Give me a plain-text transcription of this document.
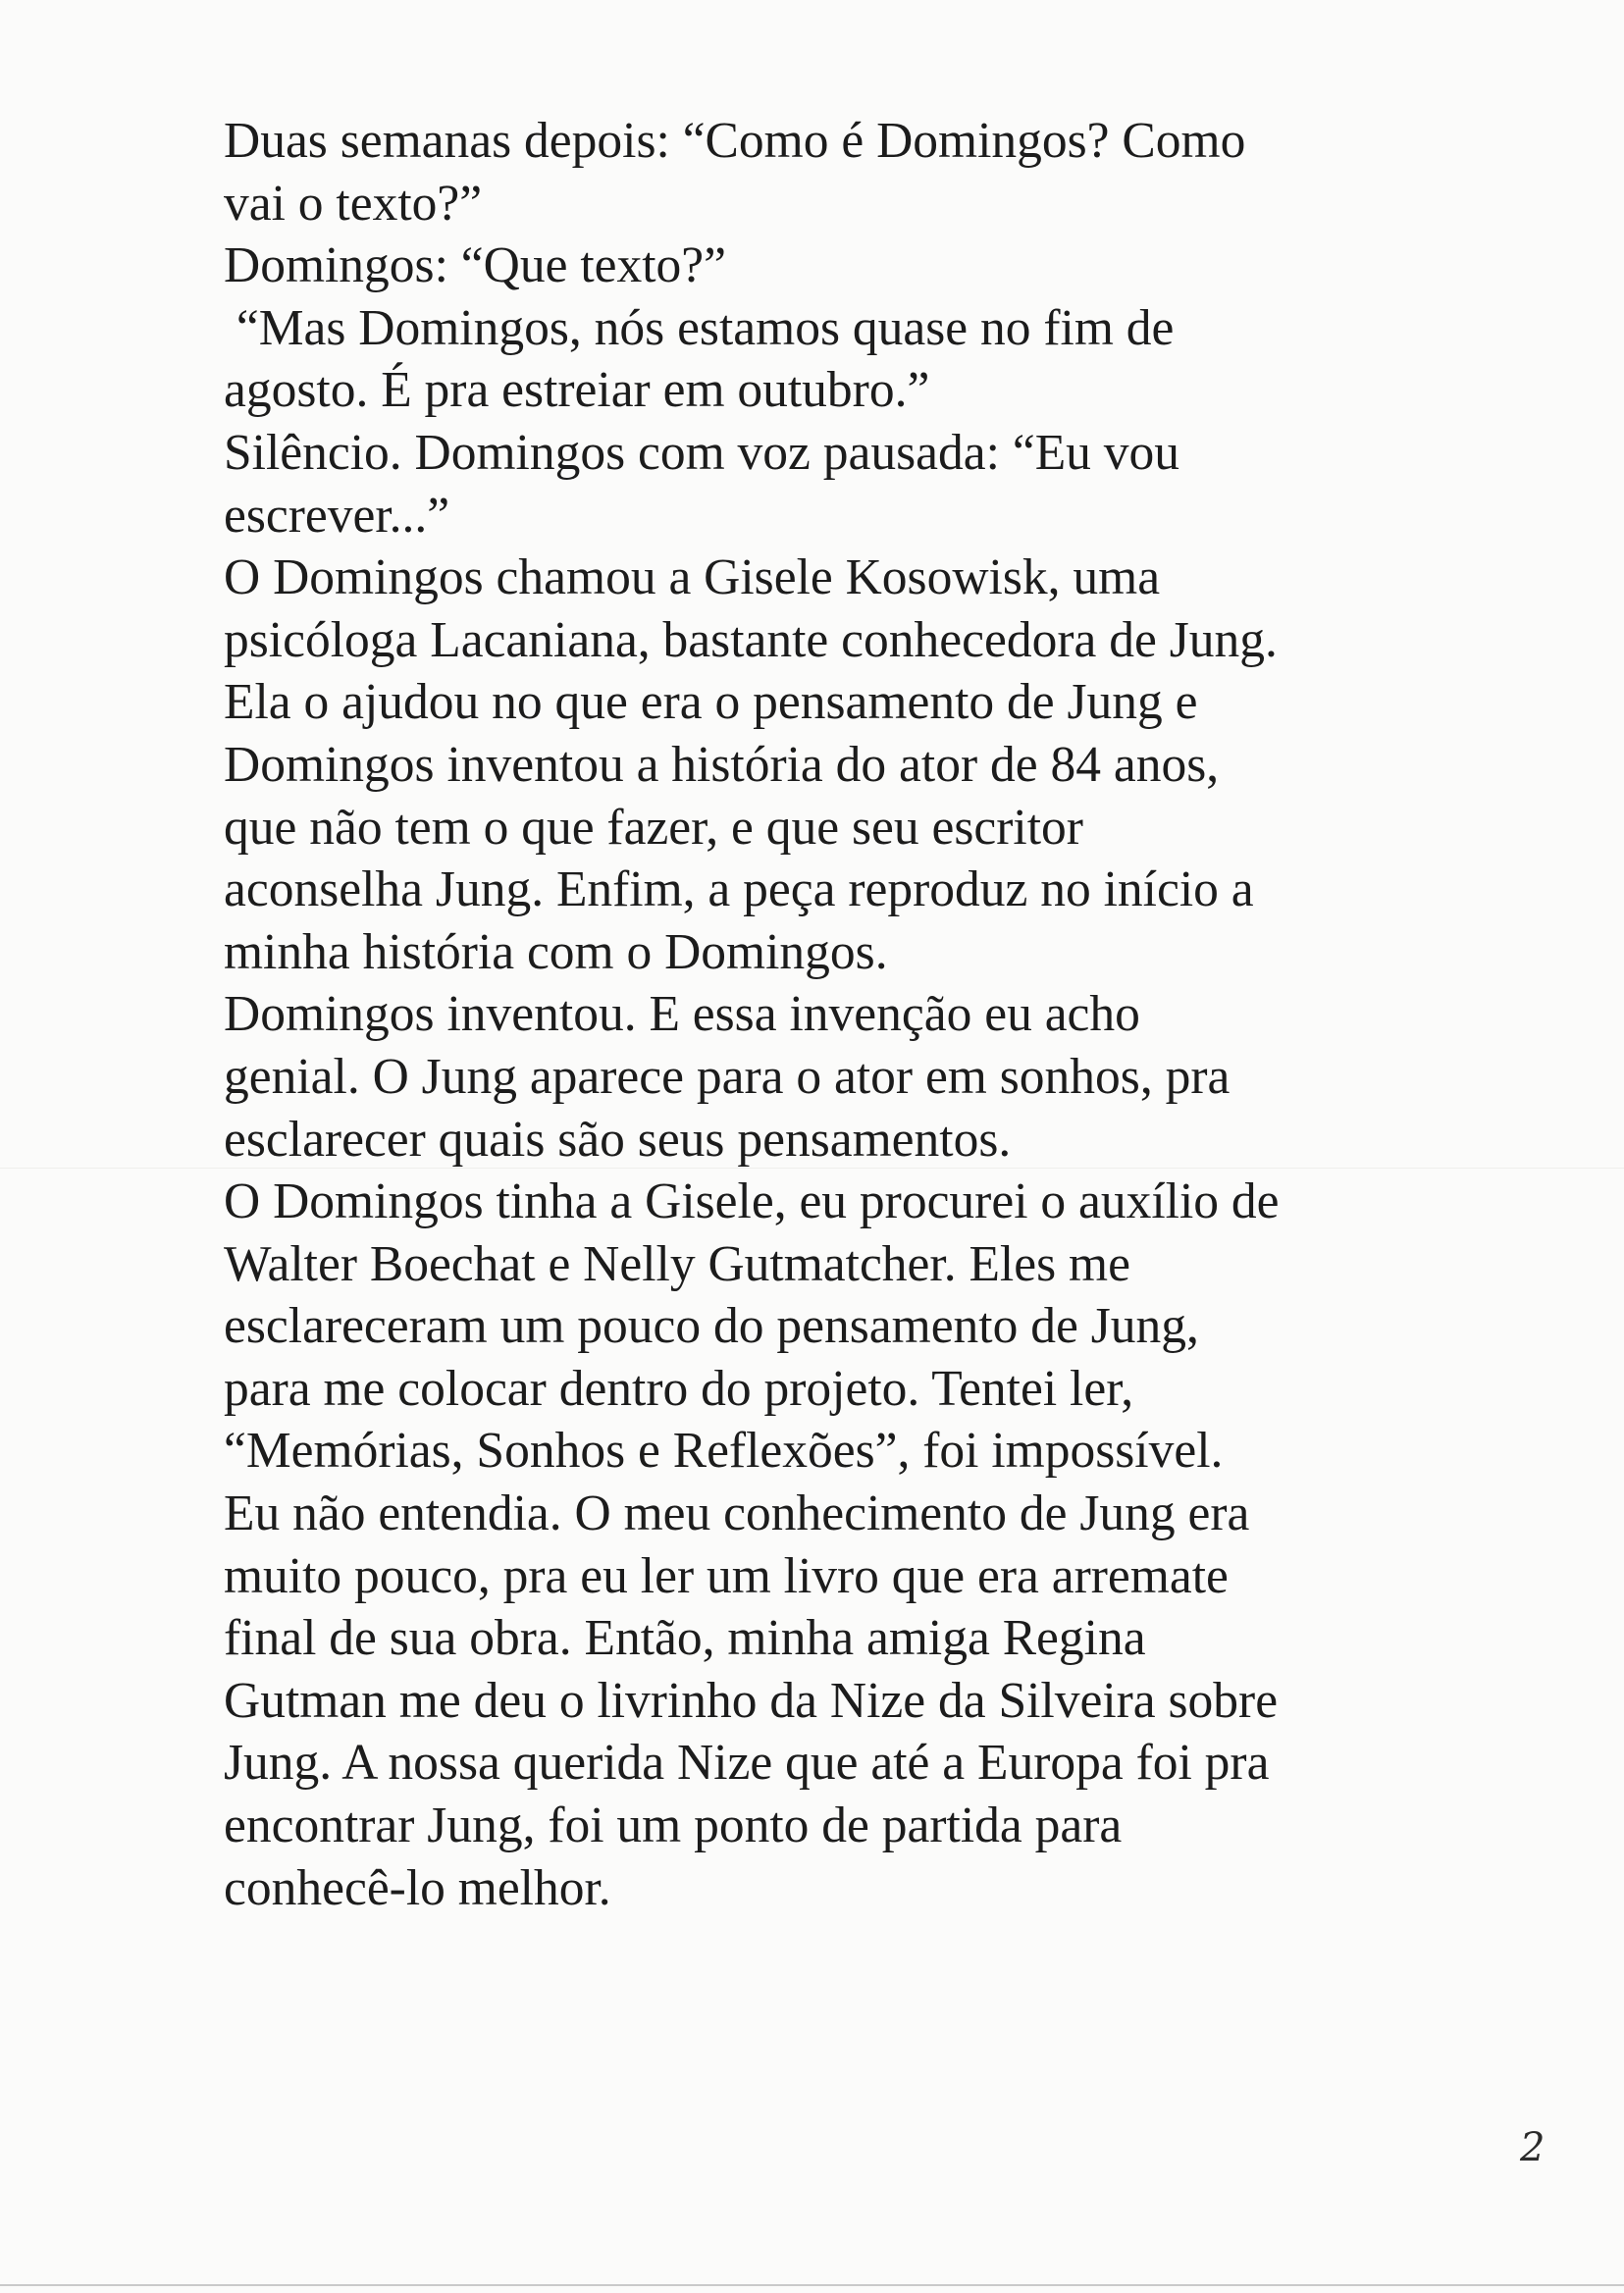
Duas semanas depois: “Como é Domingos? Como
vai o texto?”
Domingos: “Que texto?”
“Mas Domingos, nós estamos quase no fim de
agosto. É pra estreiar em outubro.”
Silêncio. Domingos com voz pausada: “Eu vou
escrever...”
O Domingos chamou a Gisele Kosowisk, uma
psicóloga Lacaniana, bastante conhecedora de Jung.
Ela o ajudou no que era o pensamento de Jung e
Domingos inventou a história do ator de 84 anos,
que não tem o que fazer, e que seu escritor
aconselha Jung. Enfim, a peça reproduz no início a
minha história com o Domingos.
Domingos inventou. E essa invenção eu acho
genial. O Jung aparece para o ator em sonhos, pra
esclarecer quais são seus pensamentos.
O Domingos tinha a Gisele, eu procurei o auxílio de
Walter Boechat e Nelly Gutmatcher. Eles me
esclareceram um pouco do pensamento de Jung,
para me colocar dentro do projeto. Tentei ler,
“Memórias, Sonhos e Reflexões”, foi impossível.
Eu não entendia. O meu conhecimento de Jung era
muito pouco, pra eu ler um livro que era arremate
final de sua obra. Então, minha amiga Regina
Gutman me deu o livrinho da Nize da Silveira sobre
Jung. A nossa querida Nize que até a Europa foi pra
encontrar Jung, foi um ponto de partida para
conhecê-lo melhor.
2
